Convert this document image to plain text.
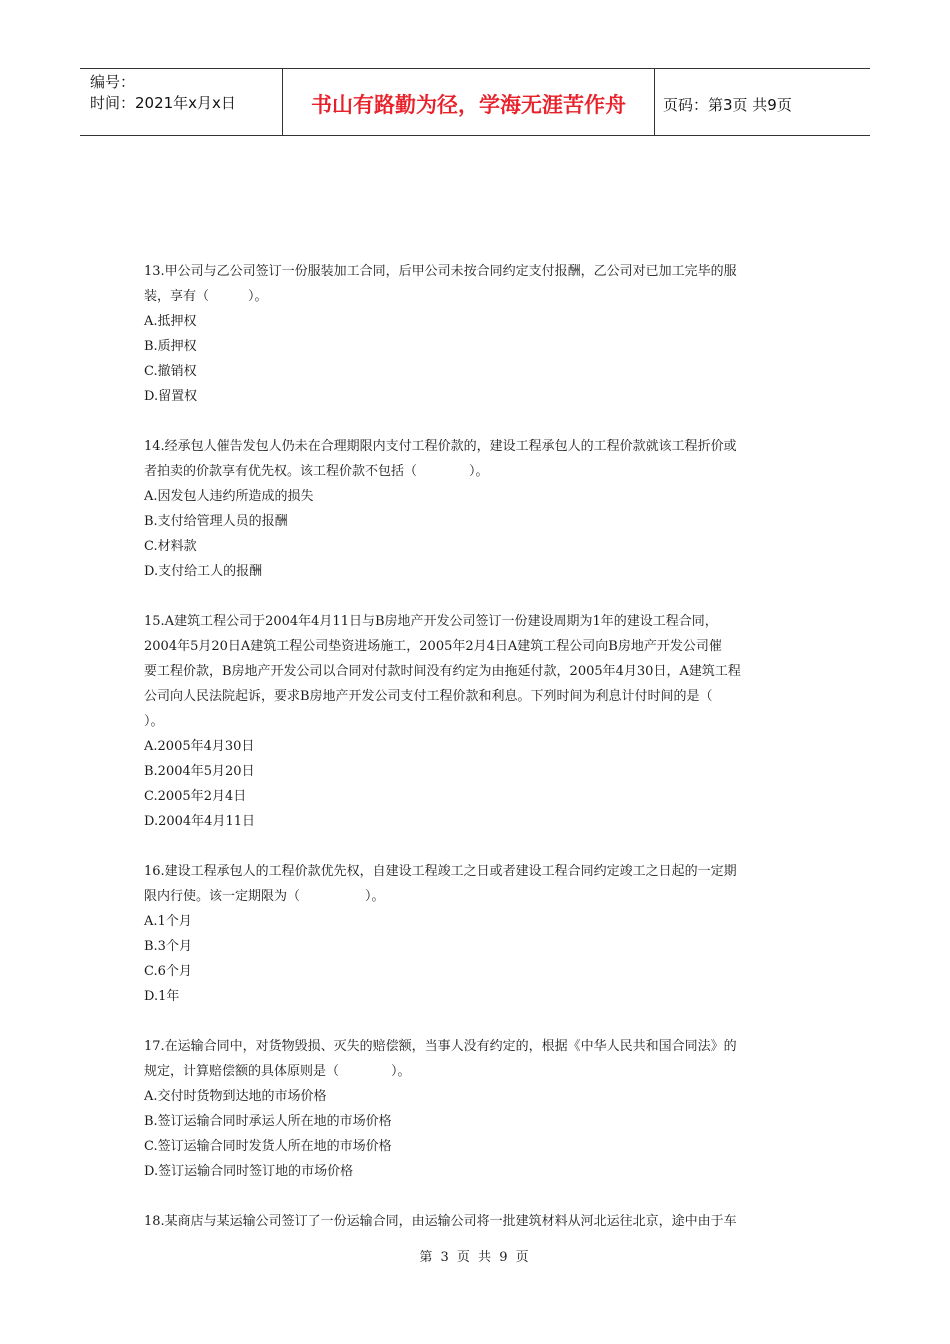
编号：
时间：2021年x月x日	书山有路勤为径，学海无涯苦作舟	页码：第3页 共9页
13.甲公司与乙公司签订一份服装加工合同，后甲公司未按合同约定支付报酬，乙公司对已加工完毕的服
装，享有（　　　）。
A.抵押权
B.质押权
C.撤销权
D.留置权
14.经承包人催告发包人仍未在合理期限内支付工程价款的，建设工程承包人的工程价款就该工程折价或
者拍卖的价款享有优先权。该工程价款不包括（　　　　）。
A.因发包人违约所造成的损失
B.支付给管理人员的报酬
C.材料款
D.支付给工人的报酬
15.A建筑工程公司于2004年4月11日与B房地产开发公司签订一份建设周期为1年的建设工程合同，
2004年5月20日A建筑工程公司垫资进场施工，2005年2月4日A建筑工程公司向B房地产开发公司催
要工程价款，B房地产开发公司以合同对付款时间没有约定为由拖延付款，2005年4月30日，A建筑工程
公司向人民法院起诉，要求B房地产开发公司支付工程价款和利息。下列时间为利息计付时间的是（
）。
A.2005年4月30日
B.2004年5月20日
C.2005年2月4日
D.2004年4月11日
16.建设工程承包人的工程价款优先权，自建设工程竣工之日或者建设工程合同约定竣工之日起的一定期
限内行使。该一定期限为（　　　　　）。
A.1个月
B.3个月
C.6个月
D.1年
17.在运输合同中，对货物毁损、灭失的赔偿额，当事人没有约定的，根据《中华人民共和国合同法》的
规定，计算赔偿额的具体原则是（　　　　）。
A.交付时货物到达地的市场价格
B.签订运输合同时承运人所在地的市场价格
C.签订运输合同时发货人所在地的市场价格
D.签订运输合同时签订地的市场价格
18.某商店与某运输公司签订了一份运输合同，由运输公司将一批建筑材料从河北运往北京，途中由于车
第 3 页 共 9 页
